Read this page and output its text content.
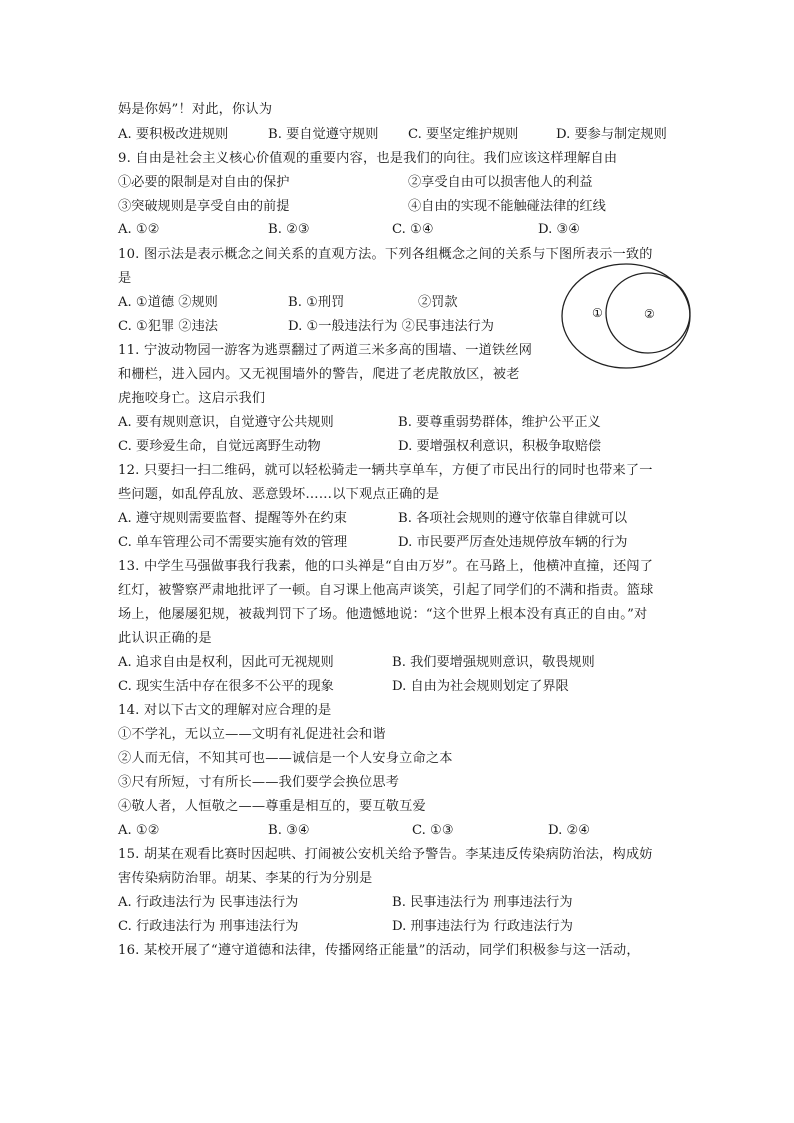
妈是你妈”！对此，你认为
A. 要积极改进规则	B. 要自觉遵守规则 C. 要坚定维护规则	D. 要参与制定规则
9. 自由是社会主义核心价值观的重要内容，也是我们的向往。我们应该这样理解自由
①必要的限制是对自由的保护	②享受自由可以损害他人的利益
③突破规则是享受自由的前提	④自由的实现不能触碰法律的红线
A. ①②	B. ②③	C. ①④	D. ③④
10. 图示法是表示概念之间关系的直观方法。下列各组概念之间的关系与下图所表示一致的
是
A. ①道德 ②规则	B. ①刑罚	②罚款
C. ①犯罪 ②违法	D. ①一般违法行为 ②民事违法行为
①	②
11. 宁波动物园一游客为逃票翻过了两道三米多高的围墙、一道铁丝网
和栅栏，进入园内。又无视围墙外的警告，爬进了老虎散放区，被老
虎拖咬身亡。这启示我们
A. 要有规则意识，自觉遵守公共规则	B. 要尊重弱势群体，维护公平正义
C. 要珍爱生命，自觉远离野生动物	D. 要增强权利意识，积极争取赔偿
12. 只要扫一扫二维码，就可以轻松骑走一辆共享单车，方便了市民出行的同时也带来了一
些问题，如乱停乱放、恶意毁坏……以下观点正确的是
A. 遵守规则需要监督、提醒等外在约束	B. 各项社会规则的遵守依靠自律就可以
C. 单车管理公司不需要实施有效的管理	D. 市民要严厉查处违规停放车辆的行为
13. 中学生马强做事我行我素，他的口头禅是“自由万岁”。在马路上，他横冲直撞，还闯了
红灯，被警察严肃地批评了一顿。自习课上他高声谈笑，引起了同学们的不满和指责。篮球
场上，他屡屡犯规，被裁判罚下了场。他遗憾地说：“这个世界上根本没有真正的自由。”对
此认识正确的是
A. 追求自由是权利，因此可无视规则	B. 我们要增强规则意识，敬畏规则
C. 现实生活中存在很多不公平的现象	D. 自由为社会规则划定了界限
14. 对以下古文的理解对应合理的是
①不学礼，无以立——文明有礼促进社会和谐
②人而无信，不知其可也——诚信是一个人安身立命之本
③尺有所短，寸有所长——我们要学会换位思考
④敬人者，人恒敬之——尊重是相互的，要互敬互爱
A. ①②	B. ③④	C. ①③	D. ②④
15. 胡某在观看比赛时因起哄、打闹被公安机关给予警告。李某违反传染病防治法，构成妨
害传染病防治罪。胡某、李某的行为分别是
A. 行政违法行为 民事违法行为	B. 民事违法行为 刑事违法行为
C. 行政违法行为 刑事违法行为	D. 刑事违法行为 行政违法行为
16. 某校开展了“遵守道德和法律，传播网络正能量”的活动，同学们积极参与这一活动，
